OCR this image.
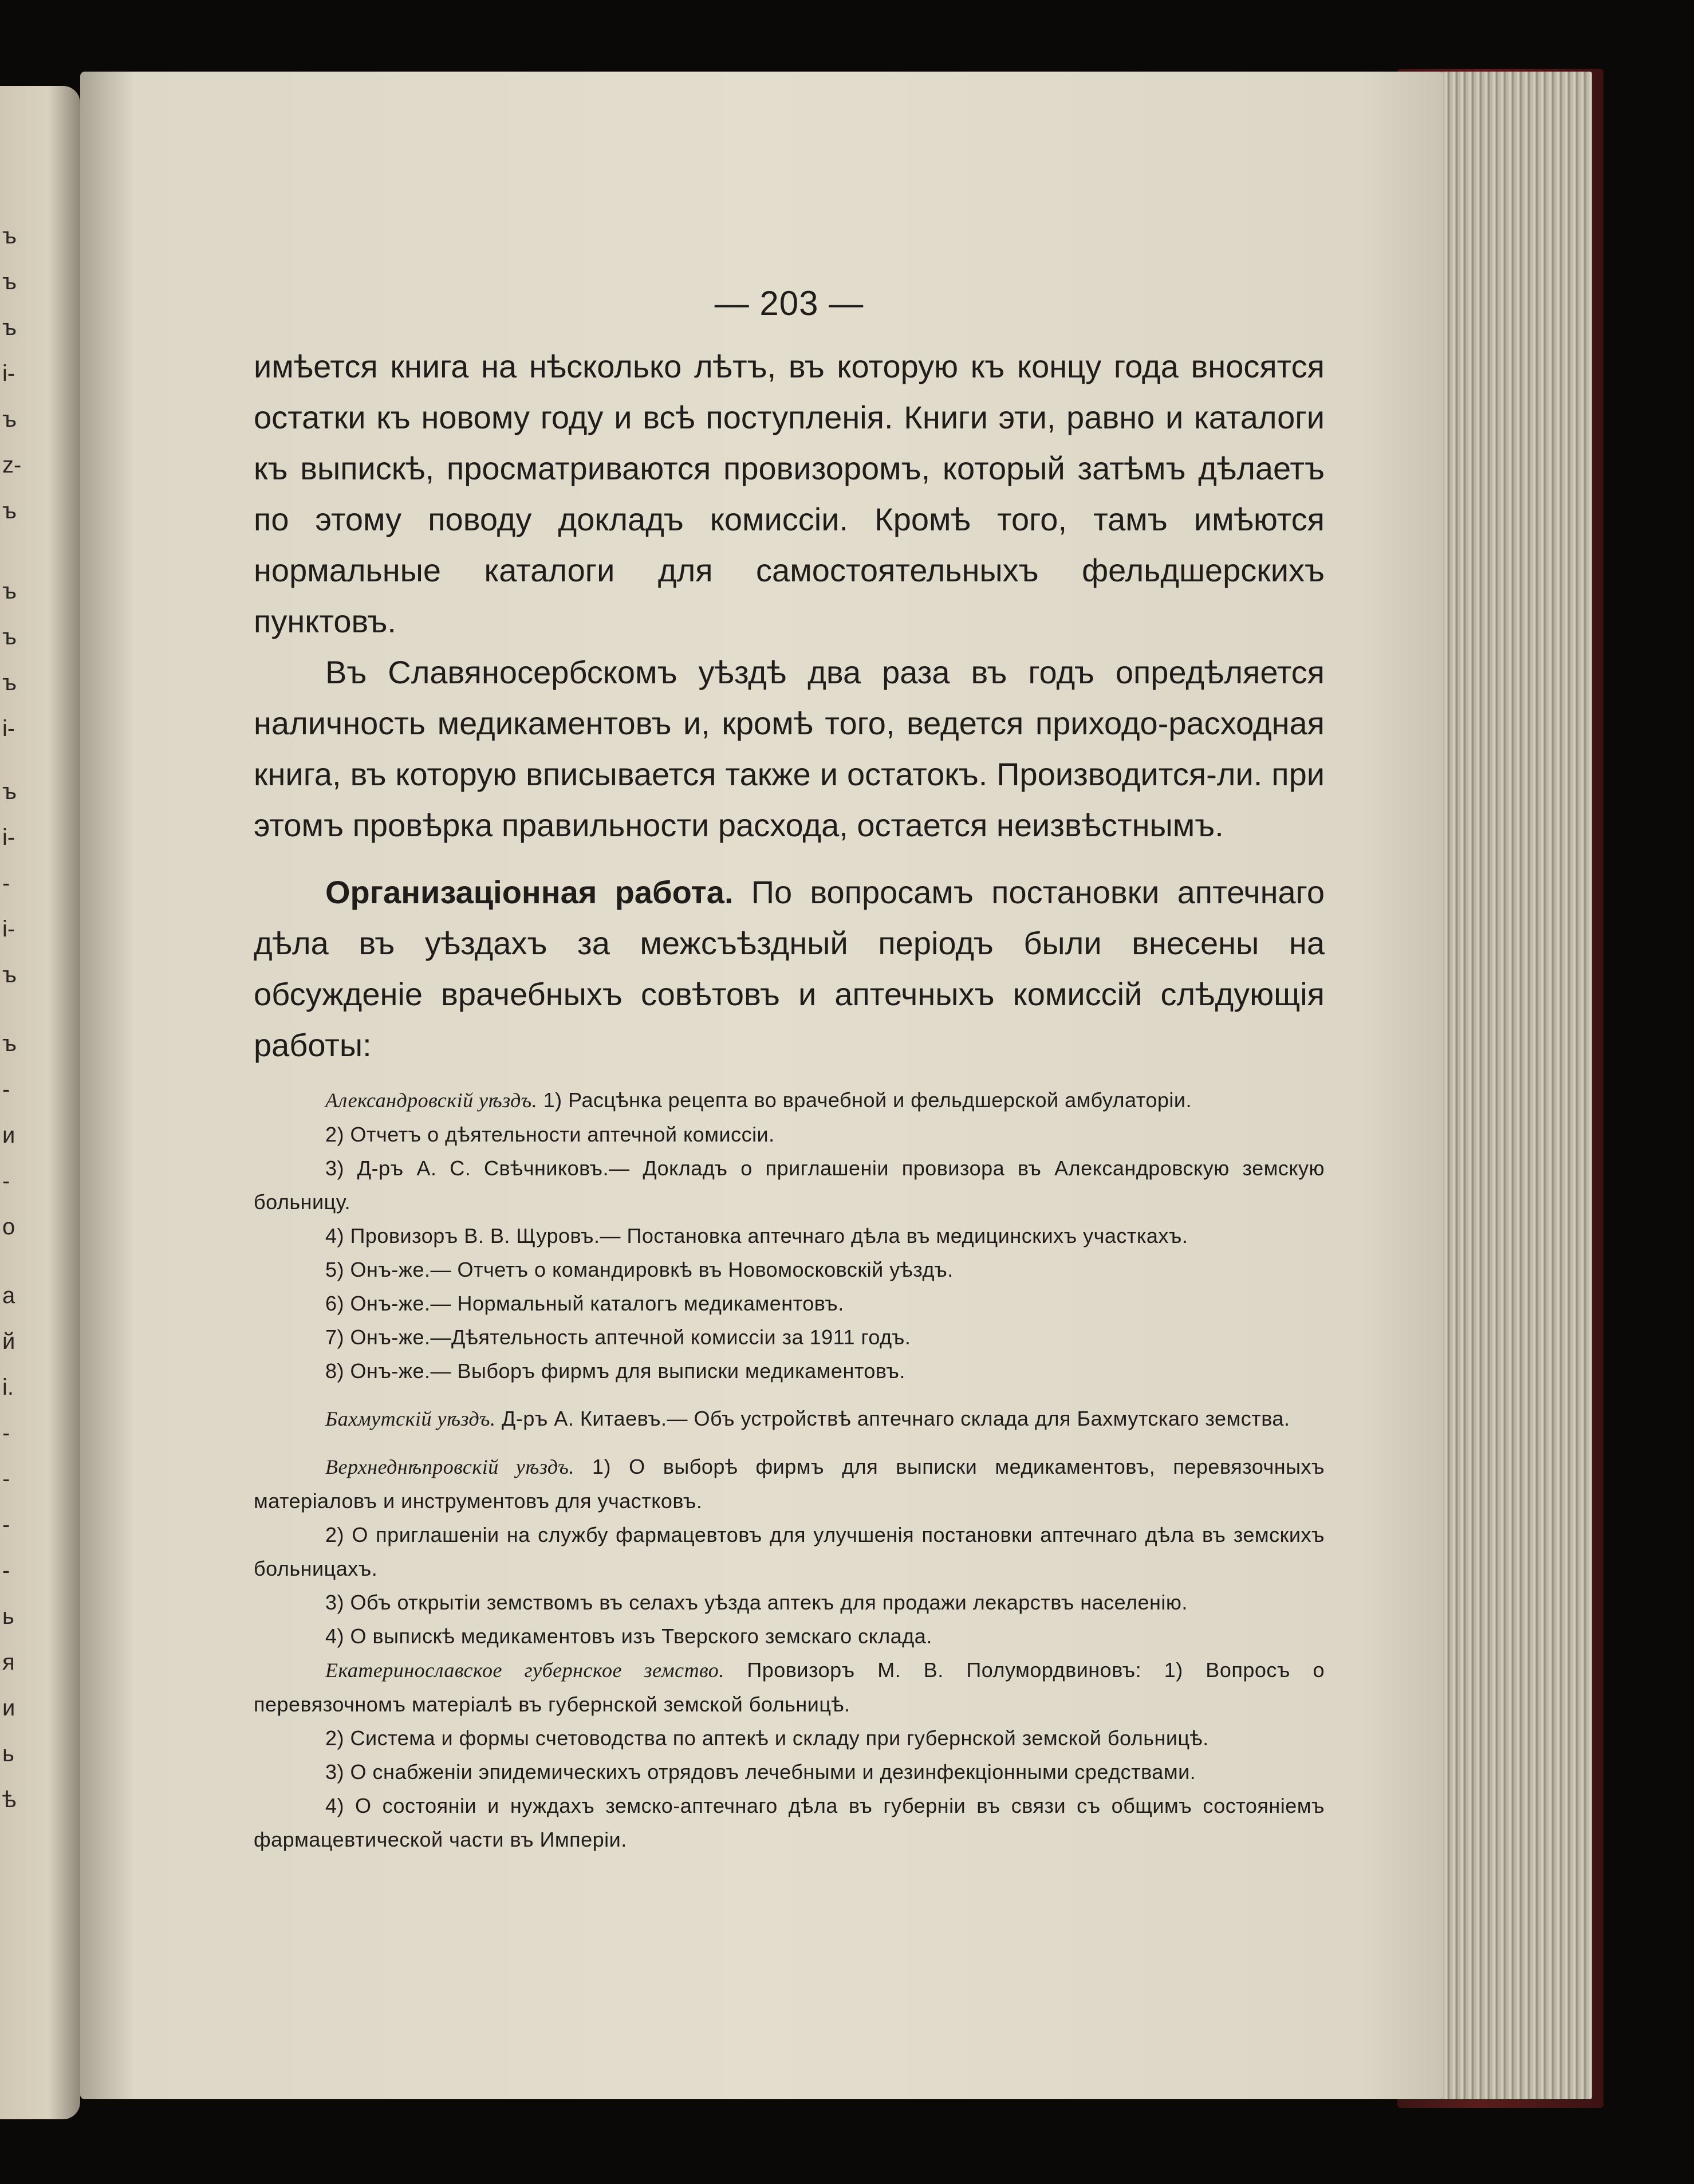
ъ
ъ
ъ
і-
ъ
z-
ъ
ъ
ъ
ъ
і-
ъ
і-
-
і-
ъ
ъ
-
и
-
о
а
й
і.
-
-
-
-
ь
я
и
ь
ѣ
— 203 —

имѣется книга на нѣсколько лѣтъ, въ которую къ концу года вносятся остатки къ новому году и всѣ поступленія. Книги эти, равно и каталоги къ выпискѣ, просматриваются провизоромъ, который затѣмъ дѣлаетъ по этому поводу докладъ комиссіи. Кромѣ того, тамъ имѣются нормальные каталоги для самостоятельныхъ фельдшерскихъ пунктовъ.

Въ Славяносербскомъ уѣздѣ два раза въ годъ опредѣляется наличность медикаментовъ и, кромѣ того, ведется приходо-расходная книга, въ которую вписывается также и остатокъ. Производится-ли. при этомъ провѣрка правильности расхода, остается неизвѣстнымъ.

Организаціонная работа. По вопросамъ постановки аптечнаго дѣла въ уѣздахъ за межсъѣздный періодъ были внесены на обсужденіе врачебныхъ совѣтовъ и аптечныхъ комиссій слѣдующія работы:

Александровскій уѣздъ. 1) Расцѣнка рецепта во врачебной и фельдшерской амбулаторіи.

2) Отчетъ о дѣятельности аптечной комиссіи.

3) Д-ръ А. С. Свѣчниковъ.— Докладъ о приглашеніи провизора въ Александровскую земскую больницу.

4) Провизоръ В. В. Щуровъ.— Постановка аптечнаго дѣла въ медицинскихъ участкахъ.

5) Онъ-же.— Отчетъ о командировкѣ въ Новомосковскій уѣздъ.

6) Онъ-же.— Нормальный каталогъ медикаментовъ.

7) Онъ-же.—Дѣятельность аптечной комиссіи за 1911 годъ.

8) Онъ-же.— Выборъ фирмъ для выписки медикаментовъ.

Бахмутскій уѣздъ. Д-ръ А. Китаевъ.— Объ устройствѣ аптечнаго склада для Бахмутскаго земства.

Верхнеднѣпровскій уѣздъ. 1) О выборѣ фирмъ для выписки медикаментовъ, перевязочныхъ матеріаловъ и инструментовъ для участковъ.

2) О приглашеніи на службу фармацевтовъ для улучшенія постановки аптечнаго дѣла въ земскихъ больницахъ.

3) Объ открытіи земствомъ въ селахъ уѣзда аптекъ для продажи лекарствъ населенію.

4) О выпискѣ медикаментовъ изъ Тверского земскаго склада.

Екатеринославское губернское земство. Провизоръ М. В. Полумордвиновъ: 1) Вопросъ о перевязочномъ матеріалѣ въ губернской земской больницѣ.

2) Система и формы счетоводства по аптекѣ и складу при губернской земской больницѣ.

3) О снабженіи эпидемическихъ отрядовъ лечебными и дезинфекціонными средствами.

4) О состояніи и нуждахъ земско-аптечнаго дѣла въ губерніи въ связи съ общимъ состояніемъ фармацевтической части въ Имперіи.
